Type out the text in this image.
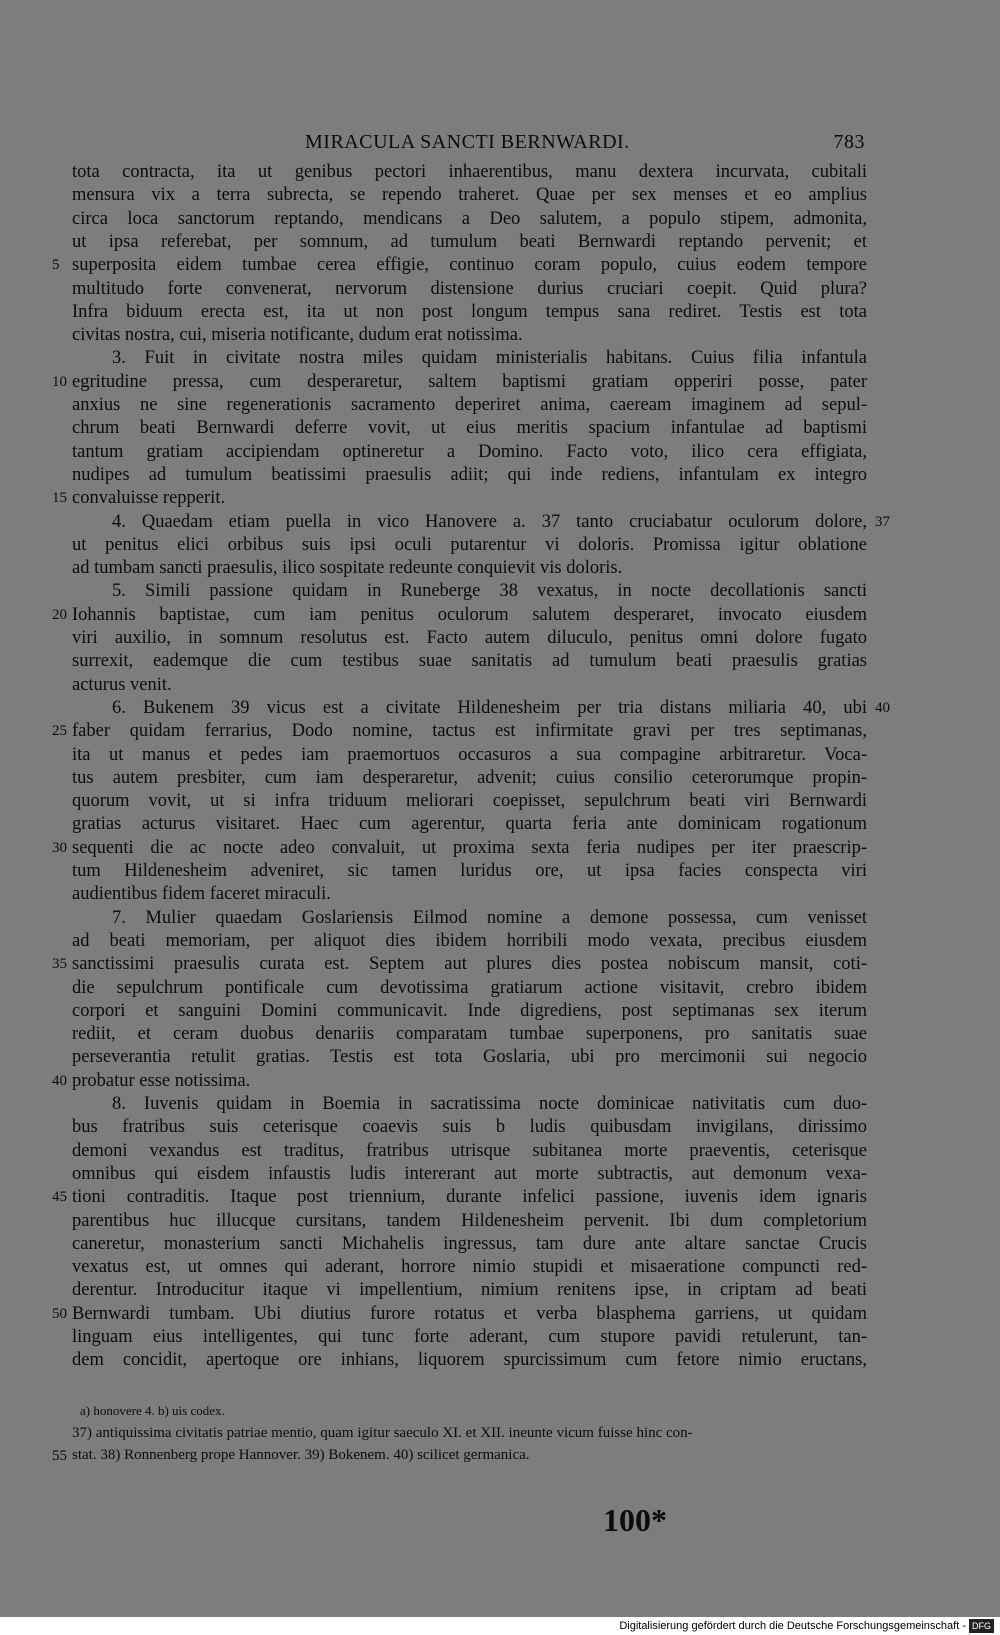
MIRACULA SANCTI BERNWARDI.	783
tota contracta, ita ut genibus pectori inhaerentibus, manu dextera incurvata, cubitali
mensura vix a terra subrecta, se rependo traheret. Quae per sex menses et eo amplius
circa loca sanctorum reptando, mendicans a Deo salutem, a populo stipem, admonita,
ut ipsa referebat, per somnum, ad tumulum beati Bernwardi reptando pervenit; et
5 superposita eidem tumbae cerea effigie, continuo coram populo, cuius eodem tempore
multitudo forte convenerat, nervorum distensione durius cruciari coepit. Quid plura?
Infra biduum erecta est, ita ut non post longum tempus sana rediret. Testis est tota
civitas nostra, cui, miseria notificante, dudum erat notissima.
3. Fuit in civitate nostra miles quidam ministerialis habitans. Cuius filia infantula
10 egritudine pressa, cum desperaretur, saltem baptismi gratiam opperiri posse, pater
anxius ne sine regenerationis sacramento deperiret anima, caeream imaginem ad sepul-
chrum beati Bernwardi deferre vovit, ut eius meritis spacium infantulae ad baptismi
tantum gratiam accipiendam optineretur a Domino. Facto voto, ilico cera effigiata,
nudipes ad tumulum beatissimi praesulis adiit; qui inde rediens, infantulam ex integro
15 convaluisse repperit.
4. Quaedam etiam puella in vico Hanovere a. 37 tanto cruciabatur oculorum dolore, 37
ut penitus elici orbibus suis ipsi oculi putarentur vi doloris. Promissa igitur oblatione
ad tumbam sancti praesulis, ilico sospitate redeunte conquievit vis doloris.
5. Simili passione quidam in Runeberge 38 vexatus, in nocte decollationis sancti
20 Iohannis baptistae, cum iam penitus oculorum salutem desperaret, invocato eiusdem
viri auxilio, in somnum resolutus est. Facto autem diluculo, penitus omni dolore fugato
surrexit, eademque die cum testibus suae sanitatis ad tumulum beati praesulis gratias
acturus venit.
6. Bukenem 39 vicus est a civitate Hildenesheim per tria distans miliaria 40, ubi 40
25 faber quidam ferrarius, Dodo nomine, tactus est infirmitate gravi per tres septimanas,
ita ut manus et pedes iam praemortuos occasuros a sua compagine arbitraretur. Voca-
tus autem presbiter, cum iam desperaretur, advenit; cuius consilio ceterorumque propin-
quorum vovit, ut si infra triduum meliorari coepisset, sepulchrum beati viri Bernwardi
gratias acturus visitaret. Haec cum agerentur, quarta feria ante dominicam rogationum
30 sequenti die ac nocte adeo convaluit, ut proxima sexta feria nudipes per iter praescrip-
tum Hildenesheim adveniret, sic tamen luridus ore, ut ipsa facies conspecta viri
audientibus fidem faceret miraculi.
7. Mulier quaedam Goslariensis Eilmod nomine a demone possessa, cum venisset
ad beati memoriam, per aliquot dies ibidem horribili modo vexata, precibus eiusdem
35 sanctissimi praesulis curata est. Septem aut plures dies postea nobiscum mansit, coti-
die sepulchrum pontificale cum devotissima gratiarum actione visitavit, crebro ibidem
corpori et sanguini Domini communicavit. Inde digrediens, post septimanas sex iterum
rediit, et ceram duobus denariis comparatam tumbae superponens, pro sanitatis suae
perseverantia retulit gratias. Testis est tota Goslaria, ubi pro mercimonii sui negocio
40 probatur esse notissima.
8. Iuvenis quidam in Boemia in sacratissima nocte dominicae nativitatis cum duo-
bus fratribus suis ceterisque coaevis suis b ludis quibusdam invigilans, dirissimo
demoni vexandus est traditus, fratribus utrisque subitanea morte praeventis, ceterisque
omnibus qui eisdem infaustis ludis intererant aut morte subtractis, aut demonum vexa-
45 tioni contraditis. Itaque post triennium, durante infelici passione, iuvenis idem ignaris
parentibus huc illucque cursitans, tandem Hildenesheim pervenit. Ibi dum completorium
caneretur, monasterium sancti Michahelis ingressus, tam dure ante altare sanctae Crucis
vexatus est, ut omnes qui aderant, horrore nimio stupidi et misaeratione compuncti red-
derentur. Introducitur itaque vi impellentium, nimium renitens ipse, in criptam ad beati
50 Bernwardi tumbam. Ubi diutius furore rotatus et verba blasphema garriens, ut quidam
linguam eius intelligentes, qui tunc forte aderant, cum stupore pavidi retulerunt, tan-
dem concidit, apertoque ore inhians, liquorem spurcissimum cum fetore nimio eructans,
a) honovere 4. b) uis codex.
37) antiquissima civitatis patriae mentio, quam igitur saeculo XI. et XII. ineunte vicum fuisse hinc con-
55 stat. 38) Ronnenberg prope Hannover. 39) Bokenem. 40) scilicet germanica.
100*
Digitalisierung gefördert durch die Deutsche Forschungsgemeinschaft - DFG
